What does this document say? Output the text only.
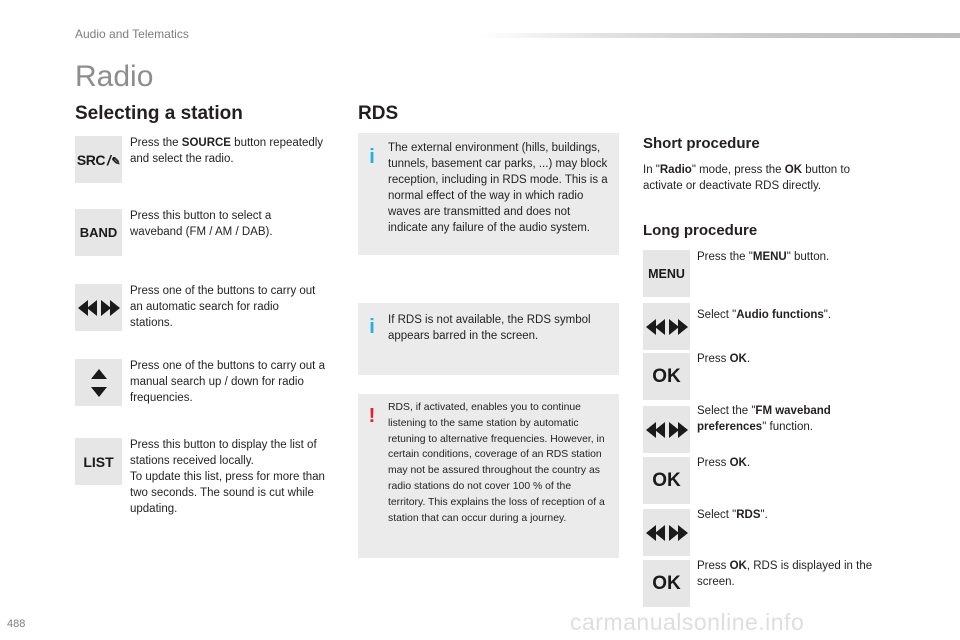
Audio and Telematics
Radio
Selecting a station
SRC /✎
Press the SOURCE button repeatedly and select the radio.
BAND
Press this button to select a waveband (FM / AM / DAB).
Press one of the buttons to carry out an automatic search for radio stations.
Press one of the buttons to carry out a manual search up / down for radio frequencies.
LIST
Press this button to display the list of stations received locally.
To update this list, press for more than two seconds. The sound is cut while updating.
RDS
i The external environment (hills, buildings, tunnels, basement car parks, ...) may block reception, including in RDS mode. This is a normal effect of the way in which radio waves are transmitted and does not indicate any failure of the audio system.
i If RDS is not available, the RDS symbol appears barred in the screen.
! RDS, if activated, enables you to continue listening to the same station by automatic retuning to alternative frequencies. However, in certain conditions, coverage of an RDS station may not be assured throughout the country as radio stations do not cover 100 % of the territory. This explains the loss of reception of a station that can occur during a journey.
Short procedure
In "Radio" mode, press the OK button to activate or deactivate RDS directly.
Long procedure
MENU
Press the "MENU" button.
Select "Audio functions".
OK
Press OK.
Select the "FM waveband preferences" function.
OK
Press OK.
Select "RDS".
OK
Press OK, RDS is displayed in the screen.
488	carmanualsonline.info
